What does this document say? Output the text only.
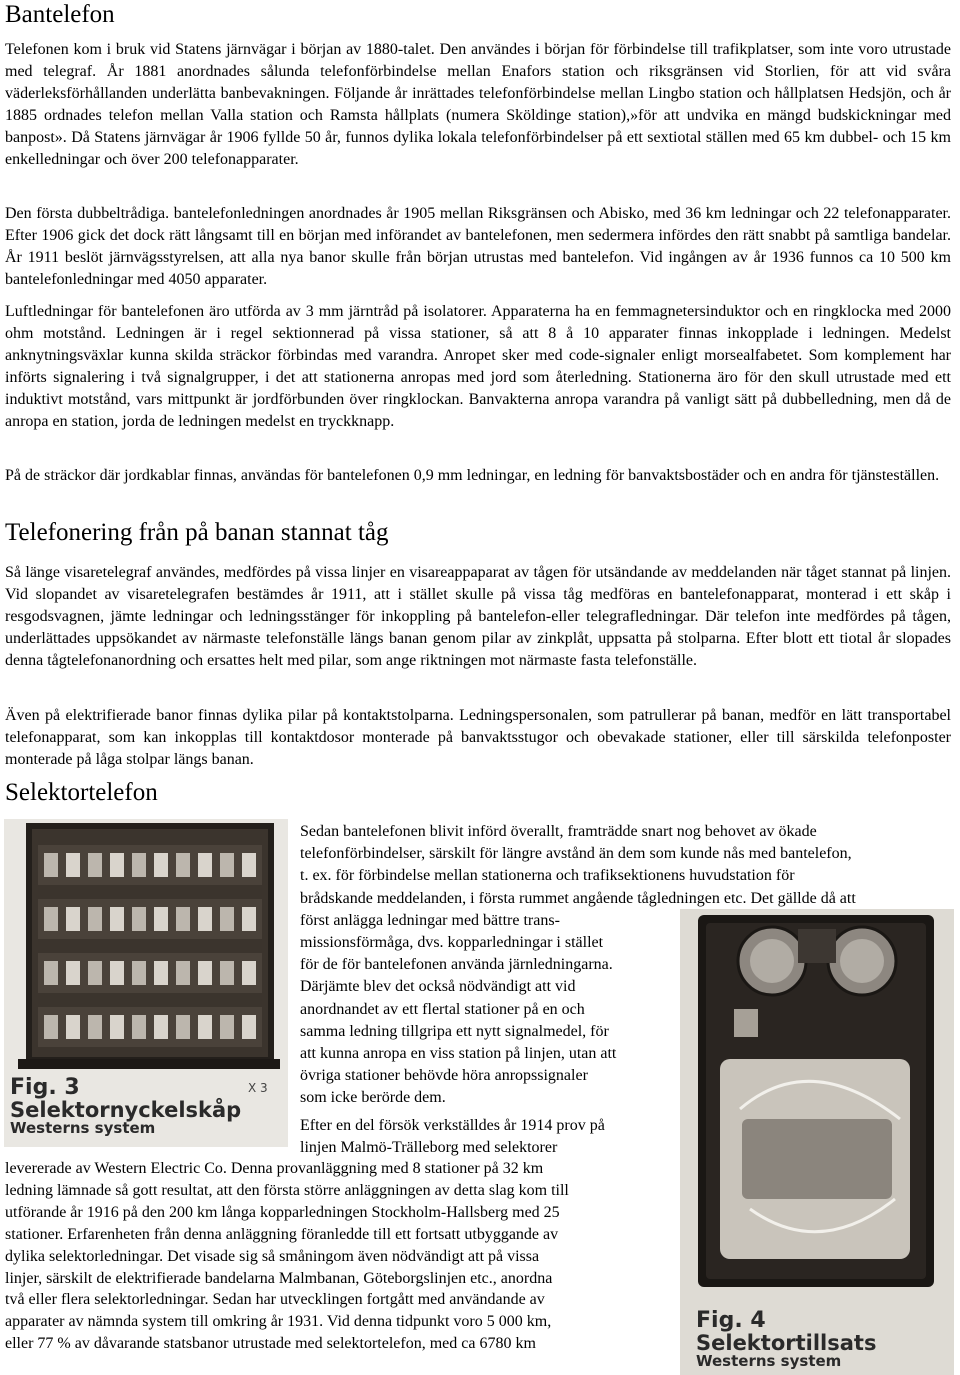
Bantelefon

Telefonen kom i bruk vid Statens järnvägar i början av 1880-talet. Den användes i början för förbindelse till trafikplatser, som inte voro utrustade med telegraf. År 1881 anordnades sålunda telefonförbindelse mellan Enafors station och riksgränsen vid Storlien, för att vid svåra väderleksförhållanden underlätta banbevakningen. Följande år inrättades telefonförbindelse mellan Lingbo station och hållplatsen Hedsjön, och år 1885 ordnades telefon mellan Valla station och Ramsta hållplats (numera Sköldinge station),»för att undvika en mängd budskickningar med banpost». Då Statens järnvägar år 1906 fyllde 50 år, funnos dylika lokala telefonförbindelser på ett sextiotal ställen med 65 km dubbel- och 15 km enkelledningar och över 200 telefonapparater.

Den första dubbeltrådiga. bantelefonledningen anordnades år 1905 mellan Riksgränsen och Abisko, med 36 km ledningar och 22 telefonapparater. Efter 1906 gick det dock rätt långsamt till en början med införandet av bantelefonen, men sedermera infördes den rätt snabbt på samtliga bandelar. År 1911 beslöt järnvägsstyrelsen, att alla nya banor skulle från början utrustas med bantelefon. Vid ingången av år 1936 funnos ca 10 500 km bantelefonledningar med 4050 apparater.

Luftledningar för bantelefonen äro utförda av 3 mm järntråd på isolatorer. Apparaterna ha en femmagnetersinduktor och en ringklocka med 2000 ohm motstånd. Ledningen är i regel sektionnerad på vissa stationer, så att 8 å 10 apparater finnas inkopplade i ledningen. Medelst anknytningsväxlar kunna skilda sträckor förbindas med varandra. Anropet sker med code-signaler enligt morsealfabetet. Som komplement har införts signalering i två signalgrupper, i det att stationerna anropas med jord som återledning. Stationerna äro för den skull utrustade med ett induktivt motstånd, vars mittpunkt är jordförbunden över ringklockan. Banvakterna anropa varandra på vanligt sätt på dubbelledning, men då de anropa en station, jorda de ledningen medelst en tryckknapp.

På de sträckor där jordkablar finnas, användas för bantelefonen 0,9 mm ledningar, en ledning för banvaktsbostäder och en andra för tjänsteställen.

Telefonering från på banan stannat tåg

Så länge visaretelegraf användes, medfördes på vissa linjer en visareappaparat av tågen för utsändande av meddelanden när tåget stannat på linjen. Vid slopandet av visaretelegrafen bestämdes år 1911, att i stället skulle på vissa tåg medföras en bantelefonapparat, monterad i ett skåp i resgodsvagnen, jämte ledningar och ledningsstänger för inkoppling på bantelefon-eller telegrafledningar. Där telefon inte medfördes på tågen, underlättades uppsökandet av närmaste telefonställe längs banan genom pilar av zinkplåt, uppsatta på stolparna. Efter blott ett tiotal år slopades denna tågtelefonanordning och ersattes helt med pilar, som ange riktningen mot närmaste fasta telefonställe.

Även på elektrifierade banor finnas dylika pilar på kontaktstolparna. Ledningspersonalen, som patrullerar på banan, medför en lätt transportabel telefonapparat, som kan inkopplas till kontaktdosor monterade på banvaktsstugor och obevakade stationer, eller till särskilda telefonposter monterade på låga stolpar längs banan.

Selektortelefon
Fig. 3
Selektornyckelskåp
Westerns system
X 3
Fig. 4
Selektortillsats
Westerns system
Sedan bantelefonen blivit införd överallt, framträdde snart nog behovet av ökade
telefonförbindelser, särskilt för längre avstånd än dem som kunde nås med bantelefon,
t. ex. för förbindelse mellan stationerna och trafiksektionens huvudstation för
brådskande meddelanden, i första rummet angående tågledningen etc. Det gällde då att
först anlägga ledningar med bättre trans-
missionsförmåga, dvs. kopparledningar i stället
för de för bantelefonen använda järnledningarna.
Därjämte blev det också nödvändigt att vid
anordnandet av ett flertal stationer på en och
samma ledning tillgripa ett nytt signalmedel, för
att kunna anropa en viss station på linjen, utan att
övriga stationer behövde höra anropssignaler
som icke berörde dem.
Efter en del försök verkställdes år 1914 prov på
linjen Malmö-Trälleborg med selektorer
levererade av Western Electric Co. Denna provanläggning med 8 stationer på 32 km
ledning lämnade så gott resultat, att den första större anläggningen av detta slag kom till
utförande år 1916 på den 200 km långa kopparledningen Stockholm-Hallsberg med 25
stationer. Erfarenheten från denna anläggning föranledde till ett fortsatt utbyggande av
dylika selektorledningar. Det visade sig så småningom även nödvändigt att på vissa
linjer, särskilt de elektrifierade bandelarna Malmbanan, Göteborgslinjen etc., anordna
två eller flera selektorledningar. Sedan har utvecklingen fortgått med användande av
apparater av nämnda system till omkring år 1931. Vid denna tidpunkt voro 5 000 km,
eller 77 % av dåvarande statsbanor utrustade med selektortelefon, med ca 6780 km
